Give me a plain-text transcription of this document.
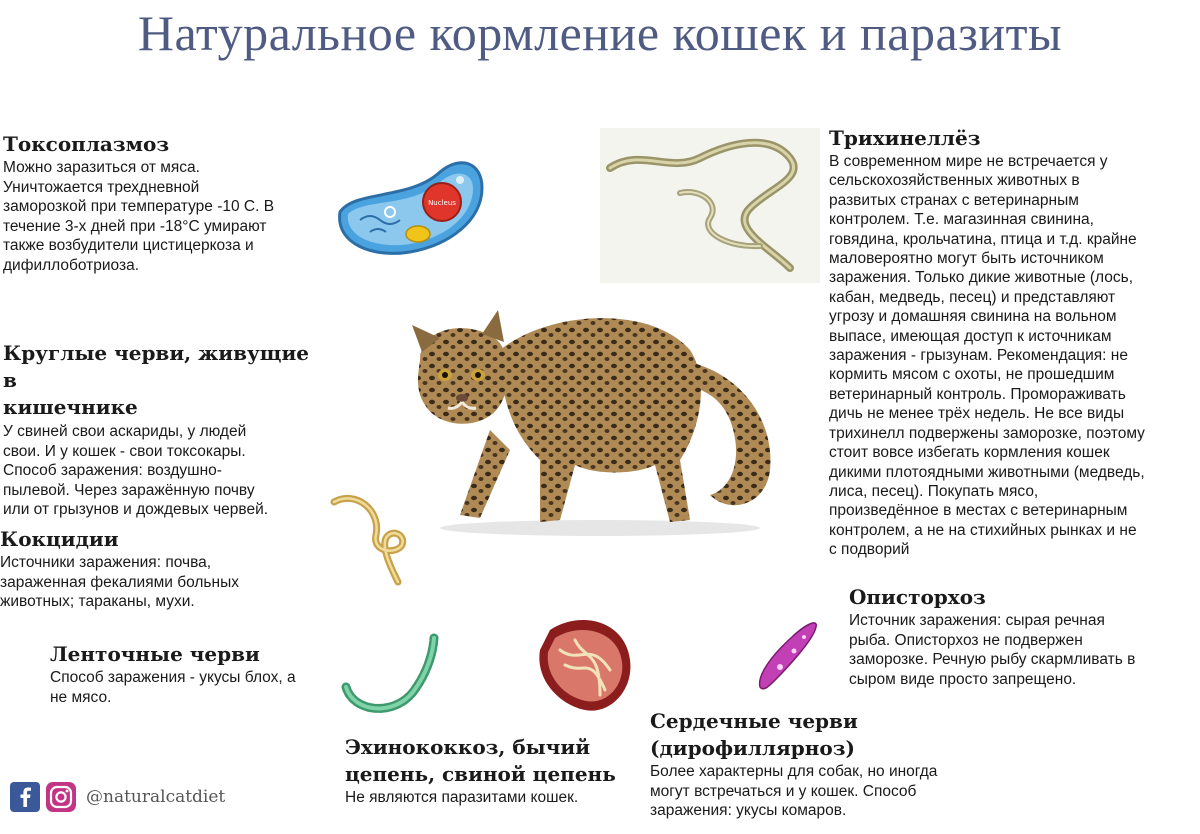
Натуральное кормление кошек и паразиты
Токсоплазмоз
Можно заразиться от мяса.
Уничтожается трехдневной
заморозкой при температуре -10 С. В
течение 3-х дней при -18°С умирают
также возбудители цистицеркоза и
дифиллоботриоза.
Nucleus
Круглые черви, живущие в
кишечнике
У свиней свои аскариды, у людей
свои. И у кошек - свои токсокары.
Способ заражения: воздушно-
пылевой. Через заражённую почву
или от грызунов и дождевых червей.
Кокцидии
Источники заражения: почва,
зараженная фекалиями больных
животных; тараканы, мухи.
Ленточные черви
Способ заражения - укусы блох, а
не мясо.
Эхинококкоз, бычий
цепень, свиной цепень
Не являются паразитами кошек.
Сердечные черви
(дирофиллярноз)
Более характерны для собак, но иногда
могут встречаться и у кошек. Способ
заражения: укусы комаров.
Описторхоз
Источник заражения: сырая речная
рыба. Описторхоз не подвержен
заморозке. Речную рыбу скармливать в
сыром виде просто запрещено.
Трихинеллёз
В современном мире не встречается у
сельскохозяйственных животных в
развитых странах с ветеринарным
контролем. Т.е. магазинная свинина,
говядина, крольчатина, птица и т.д. крайне
маловероятно могут быть источником
заражения. Только дикие животные (лось,
кабан, медведь, песец) и представляют
угрозу и домашняя свинина на вольном
выпасе, имеющая доступ к источникам
заражения - грызунам. Рекомендация: не
кормить мясом с охоты, не прошедшим
ветеринарный контроль. Проморaживать
дичь не менее трёх недель. Не все виды
трихинелл подвержены заморозке, поэтому
стоит вовсе избегать кормления кошек
дикими плотоядными животными (медведь,
лиса, песец). Покупать мясо,
произведённое в местах с ветеринарным
контролем, а не на стихийных рынках и не
с подворий
@naturalcatdiet
